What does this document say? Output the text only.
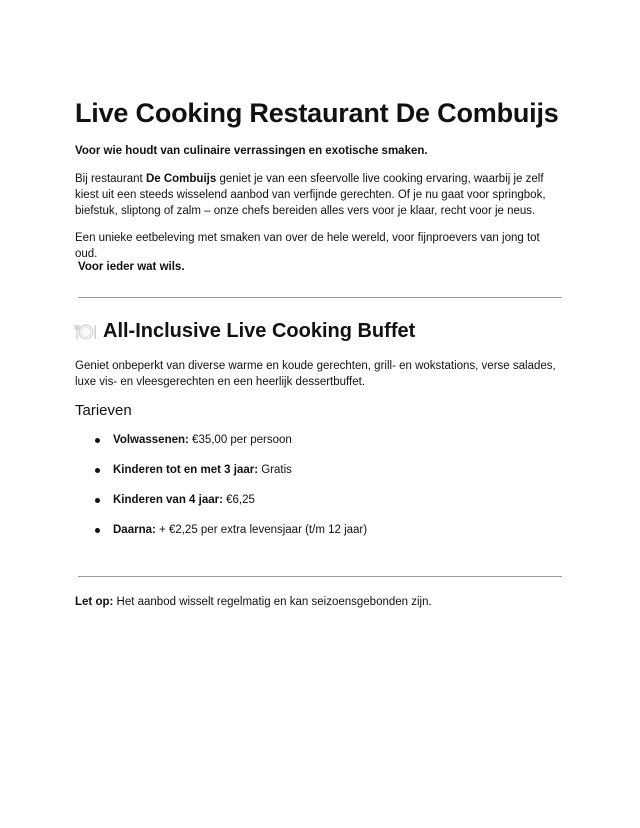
Live Cooking Restaurant De Combuijs

Voor wie houdt van culinaire verrassingen en exotische smaken.

Bij restaurant De Combuijs geniet je van een sfeervolle live cooking ervaring, waarbij je zelf kiest uit een steeds wisselend aanbod van verfijnde gerechten. Of je nu gaat voor springbok, biefstuk, sliptong of zalm – onze chefs bereiden alles vers voor je klaar, recht voor je neus.

Een unieke eetbeleving met smaken van over de hele wereld, voor fijnproevers van jong tot oud.

Voor ieder wat wils.

All-Inclusive Live Cooking Buffet

Geniet onbeperkt van diverse warme en koude gerechten, grill- en wokstations, verse salades, luxe vis- en vleesgerechten en een heerlijk dessertbuffet.

Tarieven
Volwassenen: €35,00 per persoon
Kinderen tot en met 3 jaar: Gratis
Kinderen van 4 jaar: €6,25
Daarna: + €2,25 per extra levensjaar (t/m 12 jaar)

Let op: Het aanbod wisselt regelmatig en kan seizoensgebonden zijn.
